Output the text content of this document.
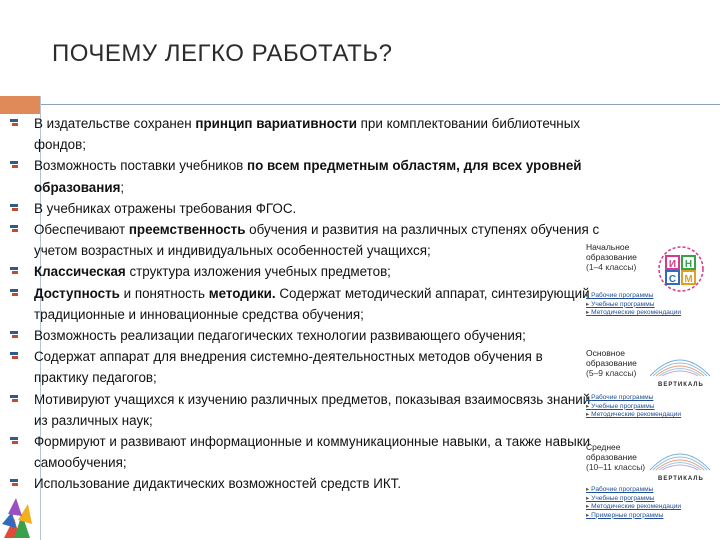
ПОЧЕМУ ЛЕГКО РАБОТАТЬ?
В издательстве сохранен принцип вариативности при комплектовании библиотечных фондов;
Возможность поставки учебников по всем предметным областям, для всех уровней образования;
В учебниках отражены требования ФГОС.
Обеспечивают преемственность обучения и развития на различных ступенях обучения с учетом возрастных и индивидуальных особенностей учащихся;
Классическая структура изложения учебных предметов;
Доступность и понятность методики. Содержат методический аппарат, синтезирующий традиционные и инновационные средства обучения;
Возможность реализации педагогических технологии развивающего обучения;
Содержат аппарат для внедрения системно-деятельностных методов обучения в практику педагогов;
Мотивируют учащихся к изучению различных предметов, показывая взаимосвязь знаний из различных наук;
Формируют и развивают информационные и коммуникационные навыки, а также навыки самообучения;
Использование дидактических возможностей средств ИКТ.
Начальное
образование
(1–4 классы)	И Н
С М
▸ Рабочие программы
▸ Учебные программы
▸ Методические рекомендации
Основное
образование
(5–9 классы)
ВЕРТИКАЛЬ
▸ Рабочие программы
▸ Учебные программы
▸ Методические рекомендации
Среднее
образование
(10–11 классы)
ВЕРТИКАЛЬ
▸ Рабочие программы
▸ Учебные программы
▸ Методические рекомендации
▸ Примерные программы
